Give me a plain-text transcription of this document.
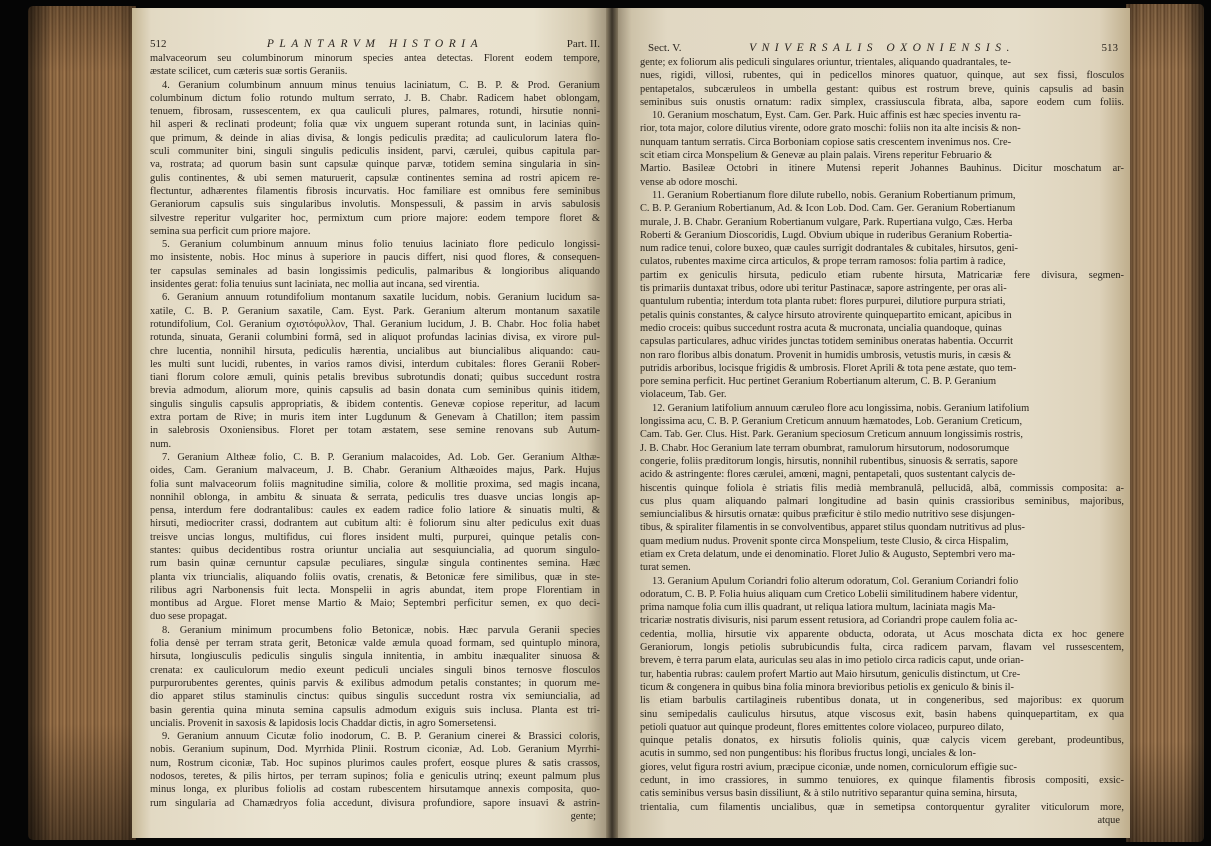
512	PLANTARVM HISTORIA	Part. II.	Sect. V.	VNIVERSALIS OXONIENSIS.	513
malvaceorum seu columbinorum minorum species antea detectas. Florent eodem tempore,
æstate scilicet, cum cæteris suæ sortis Geraniis.
4. Geranium columbinum annuum minus tenuius laciniatum, C. B. P. & Prod. Geranium
columbinum dictum folio rotundo multum serrato, J. B. Chabr. Radicem habet oblongam,
tenuem, fibrosam, russescentem, ex qua cauliculi plures, palmares, rotundi, hirsutie nonni-
hil asperi & reclinati prodeunt; folia quæ vix unguem superant rotunda sunt, in lacinias quin-
que primum, & deinde in alias divisa, & longis pediculis prædita; ad cauliculorum latera flo-
sculi communiter bini, singuli singulis pediculis insident, parvi, cærulei, quibus capitula par-
va, rostrata; ad quorum basin sunt capsulæ quinque parvæ, totidem semina singularia in sin-
gulis continentes, & ubi semen maturuerit, capsulæ continentes semina ad rostri apicem re-
flectuntur, adhærentes filamentis fibrosis incurvatis. Hoc familiare est omnibus fere seminibus
Geraniorum capsulis suis singularibus involutis. Monspessuli, & passim in arvis sabulosis
silvestre reperitur vulgariter hoc, permixtum cum priore majore: eodem tempore floret &
semina sua perficit cum priore majore.
5. Geranium columbinum annuum minus folio tenuius laciniato flore pediculo longissi-
mo insistente, nobis. Hoc minus à superiore in paucis differt, nisi quod flores, & consequen-
ter capsulas seminales ad basin longissimis pediculis, palmaribus & longioribus aliquando
insidentes gerat: folia tenuius sunt laciniata, nec mollia aut incana, sed virentia.
6. Geranium annuum rotundifolium montanum saxatile lucidum, nobis. Geranium lucidum sa-
xatile, C. B. P. Geranium saxatile, Cam. Eyst. Park. Geranium alterum montanum saxatile
rotundifolium, Col. Geranium σχιστόφυλλον, Thal. Geranium lucidum, J. B. Chabr. Hoc folia habet
rotunda, sinuata, Geranii columbini formâ, sed in aliquot profundas lacinias divisa, ex virore pul-
chre lucentia, nonnihil hirsuta, pediculis hærentia, uncialibus aut biuncialibus aliquando: cau-
les multi sunt lucidi, rubentes, in varios ramos divisi, interdum cubitales: flores Geranii Rober-
tiani florum colore æmuli, quinis petalis brevibus subrotundis donati; quibus succedunt rostra
brevia admodum, aliorum more, quinis capsulis ad basin donata cum seminibus quinis itidem,
singulis singulis capsulis appropriatis, & ibidem contentis. Genevæ copiose reperitur, ad lacum
extra portam de Rive; in muris item inter Lugdunum & Genevam à Chatillon; item passim
in salebrosis Oxoniensibus. Floret per totam æstatem, sese semine renovans sub Autum-
num.
7. Geranium Altheæ folio, C. B. P. Geranium malacoides, Ad. Lob. Ger. Geranium Althæ-
oides, Cam. Geranium malvaceum, J. B. Chabr. Geranium Althæoides majus, Park. Hujus
folia sunt malvaceorum foliis magnitudine similia, colore & mollitie proxima, sed magis incana,
nonnihil oblonga, in ambitu & sinuata & serrata, pediculis tres duasve uncias longis ap-
pensa, interdum fere dodrantalibus: caules ex eadem radice folio latiore & sinuatis multi, &
hirsuti, mediocriter crassi, dodrantem aut cubitum alti: è foliorum sinu alter pediculus exit duas
treisve uncias longus, multifidus, cui flores insident multi, purpurei, quinque petalis con-
stantes: quibus decidentibus rostra oriuntur uncialia aut sesquiuncialia, ad quorum singulo-
rum basin quinæ cernuntur capsulæ peculiares, singulæ singula continentes semina. Hæc
planta vix triuncialis, aliquando foliis ovatis, crenatis, & Betonicæ fere similibus, quæ in ste-
rilibus agri Narbonensis fuit lecta. Monspelii in agris abundat, item prope Florentiam in
montibus ad Argue. Floret mense Martio & Maio; Septembri perficitur semen, ex quo deci-
duo sese propagat.
8. Geranium minimum procumbens folio Betonicæ, nobis. Hæc parvula Geranii species
folia densè per terram strata gerit, Betonicæ valde æmula quoad formam, sed quintuplo minora,
hirsuta, longiusculis pediculis singulis singula innitentia, in ambitu inæqualiter sinuosa &
crenata: ex cauliculorum medio exeunt pediculi unciales singuli binos ternosve flosculos
purpurorubentes gerentes, quinis parvis & exilibus admodum petalis constantes; in quorum me-
dio apparet stilus staminulis cinctus: quibus singulis succedunt rostra vix semiuncialia, ad
basin gerentia quina minuta semina capsulis admodum exiguis suis inclusa. Planta est tri-
uncialis. Provenit in saxosis & lapidosis locis Chaddar dictis, in agro Somersetensi.
9. Geranium annuum Cicutæ folio inodorum, C. B. P. Geranium cinerei & Brassici coloris,
nobis. Geranium supinum, Dod. Myrrhida Plinii. Rostrum ciconiæ, Ad. Lob. Geranium Myrrhi-
num, Rostrum ciconiæ, Tab. Hoc supinos plurimos caules profert, eosque plures & satis crassos,
nodosos, teretes, & pilis hirtos, per terram supinos; folia e geniculis utrinq; exeunt palmum plus
minus longa, ex pluribus foliolis ad costam rubescentem hirsutamque annexis composita, quo-
rum singularia ad Chamædryos folia accedunt, divisura profundiore, sapore insuavi & astrin-
gente;
gente; ex foliorum alis pediculi singulares oriuntur, trientales, aliquando quadrantales, te-
nues, rigidi, villosi, rubentes, qui in pedicellos minores quatuor, quinque, aut sex fissi, flosculos
pentapetalos, subcæruleos in umbella gestant: quibus est rostrum breve, quinis capsulis ad basin
seminibus suis onustis ornatum: radix simplex, crassiuscula fibrata, alba, sapore eodem cum foliis.
10. Geranium moschatum, Eyst. Cam. Ger. Park. Huic affinis est hæc species inventu ra-
rior, tota major, colore dilutius virente, odore grato moschi: foliis non ita alte incisis & non-
nunquam tantum serratis. Circa Borboniam copiose satis crescentem invenimus nos. Cre-
scit etiam circa Monspelium & Genevæ au plain palais. Virens reperitur Februario &
Martio. Basileæ Octobri in itinere Mutensi reperit Johannes Bauhinus. Dicitur moschatum ar-
vense ab odore moschi.
11. Geranium Robertianum flore dilute rubello, nobis. Geranium Robertianum primum,
C. B. P. Geranium Robertianum, Ad. & Icon Lob. Dod. Cam. Ger. Geranium Robertianum
murale, J. B. Chabr. Geranium Robertianum vulgare, Park. Rupertiana vulgo, Cæs. Herba
Roberti & Geranium Dioscoridis, Lugd. Obvium ubique in ruderibus Geranium Robertia-
num radice tenui, colore buxeo, quæ caules surrigit dodrantales & cubitales, hirsutos, geni-
culatos, rubentes maxime circa articulos, & prope terram ramosos: folia partim à radice,
partim ex geniculis hirsuta, pediculo etiam rubente hirsuta, Matricariæ fere divisura, segmen-
tis primariis duntaxat tribus, odore ubi teritur Pastinacæ, sapore astringente, per oras ali-
quantulum rubentia; interdum tota planta rubet: flores purpurei, dilutiore purpura striati,
petalis quinis constantes, & calyce hirsuto atrovirente quinquepartito emicant, apicibus in
medio croceis: quibus succedunt rostra acuta & mucronata, uncialia quandoque, quinas
capsulas particulares, adhuc virides junctas totidem seminibus oneratas habentia. Occurrit
non raro floribus albis donatum. Provenit in humidis umbrosis, vetustis muris, in cæsis &
putridis arboribus, locisque frigidis & umbrosis. Floret Aprili & tota pene æstate, quo tem-
pore semina perficit. Huc pertinet Geranium Robertianum alterum, C. B. P. Geranium
violaceum, Tab. Ger.
12. Geranium latifolium annuum cæruleo flore acu longissima, nobis. Geranium latifolium
longissima acu, C. B. P. Geranium Creticum annuum hæmatodes, Lob. Geranium Creticum,
Cam. Tab. Ger. Clus. Hist. Park. Geranium speciosum Creticum annuum longissimis rostris,
J. B. Chabr. Hoc Geranium late terram obumbrat, ramulorum hirsutorum, nodosorumque
congerie, foliis præditorum longis, hirsutis, nonnihil rubentibus, sinuosis & serratis, sapore
acido & astringente: flores cærulei, amœni, magni, pentapetali, quos sustentant calycis de-
hiscentis quinque foliola è striatis filis medià membranulâ, pellucidâ, albâ, commissis composita: a-
cus plus quam aliquando palmari longitudine ad basin quinis crassioribus seminibus, majoribus,
semiuncialibus & hirsutis ornatæ: quibus præficitur è stilo medio nutritivo sese disjungen-
tibus, & spiraliter filamentis in se convolventibus, apparet stilus quondam nutritivus ad plus-
quam medium nudus. Provenit sponte circa Monspelium, teste Clusio, & circa Hispalim,
etiam ex Creta delatum, unde ei denominatio. Floret Julio & Augusto, Septembri vero ma-
turat semen.
13. Geranium Apulum Coriandri folio alterum odoratum, Col. Geranium Coriandri folio
odoratum, C. B. P. Folia huius aliquam cum Cretico Lobelii similitudinem habere videntur,
prima namque folia cum illis quadrant, ut reliqua latiora multum, laciniata magis Ma-
tricariæ nostratis divisuris, nisi parum essent retusiora, ad Coriandri prope caulem folia ac-
cedentia, mollia, hirsutie vix apparente obducta, odorata, ut Acus moschata dicta ex hoc genere
Geraniorum, longis petiolis subrubicundis fulta, circa radicem parvam, flavam vel russescentem,
brevem, è terra parum elata, auriculas seu alas in imo petiolo circa radicis caput, unde orian-
tur, habentia rubras: caulem profert Martio aut Maio hirsutum, geniculis distinctum, ut Cre-
ticum & congenera in quibus bina folia minora brevioribus petiolis ex geniculo & binis il-
lis etiam barbulis cartilagineis rubentibus donata, ut in congeneribus, sed majoribus: ex quorum
sinu semipedalis cauliculus hirsutus, atque viscosus exit, basin habens quinquepartitam, ex qua
petioli quatuor aut quinque prodeunt, flores emittentes colore violaceo, purpureo dilato,
quinque petalis donatos, ex hirsutis foliolis quinis, quæ calycis vicem gerebant, prodeuntibus,
acutis in summo, sed non pungentibus: his floribus fructus longi, unciales & lon-
giores, velut figura rostri avium, præcipue ciconiæ, unde nomen, corniculorum effigie suc-
cedunt, in imo crassiores, in summo tenuiores, ex quinque filamentis fibrosis compositi, exsic-
catis seminibus versus basin dissiliunt, & à stilo nutritivo separantur quina semina, hirsuta,
trientalia, cum filamentis uncialibus, quæ in semetipsa contorquentur gyraliter viticulorum more,
atque
